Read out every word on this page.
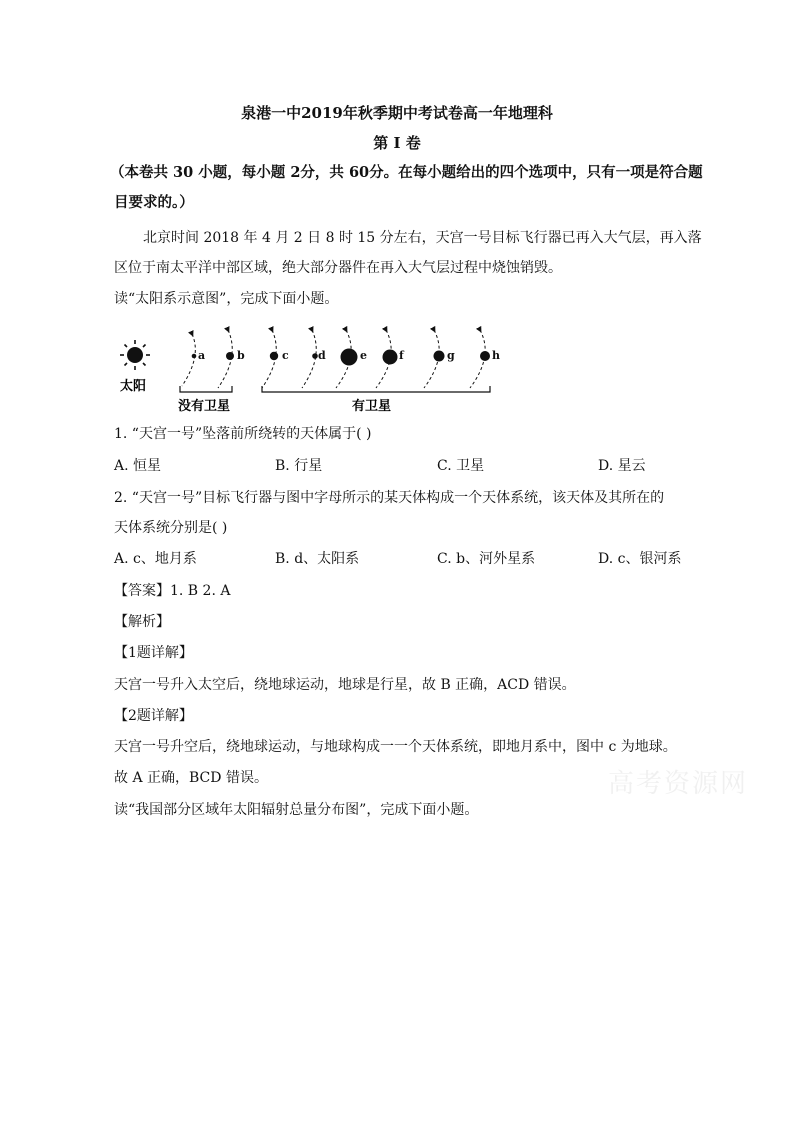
泉港一中2019年秋季期中考试卷高一年地理科
第 I 卷
（本卷共 30 小题，每小题 2分，共 60分。在每小题给出的四个选项中，只有一项是符合题
目要求的。）
北京时间 2018 年 4 月 2 日 8 时 15 分左右，天宫一号目标飞行器已再入大气层，再入落
区位于南太平洋中部区域，绝大部分器件在再入大气层过程中烧蚀销毁。
读“太阳系示意图”，完成下面小题。
太阳
a	b	c	d	e	f	g	h
没有卫星	有卫星
1. “天宫一号”坠落前所绕转的天体属于( )
A. 恒星	B. 行星	C. 卫星	D. 星云
2. “天宫一号”目标飞行器与图中字母所示的某天体构成一个天体系统，该天体及其所在的
天体系统分别是( )
A. c、地月系	B. d、太阳系	C. b、河外星系	D. c、银河系
【答案】1. B 2. A
【解析】
【1题详解】
天宫一号升入太空后，绕地球运动，地球是行星，故 B 正确，ACD 错误。
【2题详解】
天宫一号升空后，绕地球运动，与地球构成一一个天体系统，即地月系中，图中 c 为地球。
故 A 正确，BCD 错误。
读“我国部分区域年太阳辐射总量分布图”，完成下面小题。
高考资源网
